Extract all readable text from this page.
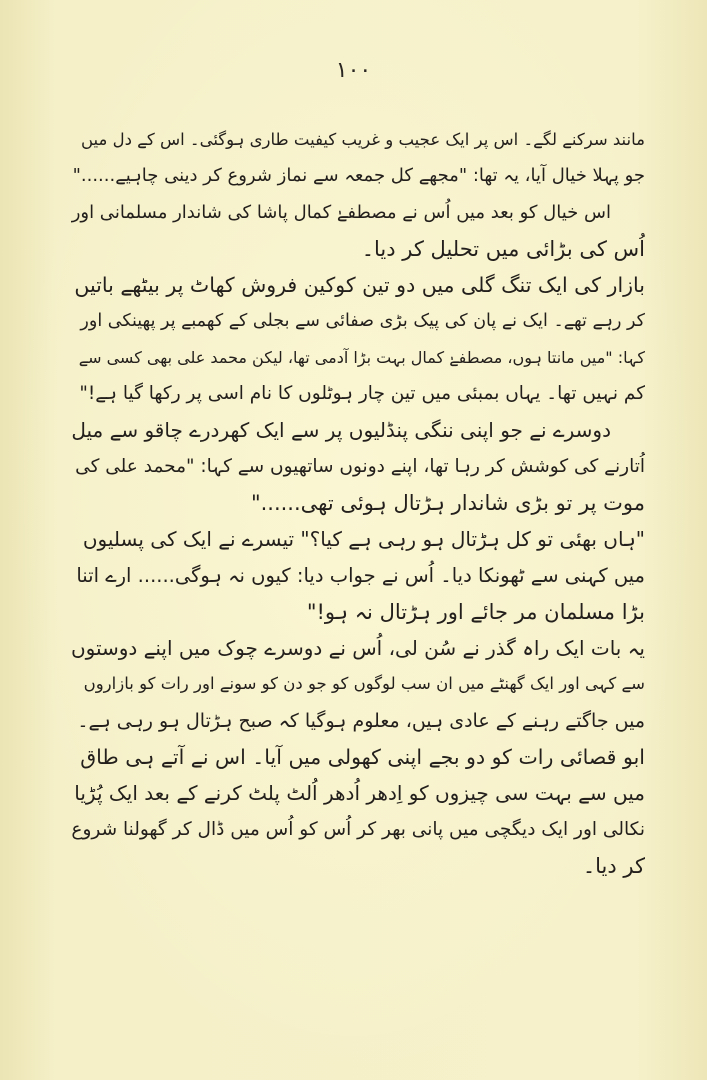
۱۰۰
مانند سرکنے لگے۔ اس پر ایک عجیب و غریب کیفیت طاری ہوگئی۔ اس کے دل میں
جو پہلا خیال آیا، یہ تھا: "مجھے کل جمعہ سے نماز شروع کر دینی چاہیے......"
اس خیال کو بعد میں اُس نے مصطفےٰ کمال پاشا کی شاندار مسلمانی اور
اُس کی بڑائی میں تحلیل کر دیا۔
بازار کی ایک تنگ گلی میں دو تین کوکین فروش کھاٹ پر بیٹھے باتیں
کر رہے تھے۔ ایک نے پان کی پیک بڑی صفائی سے بجلی کے کھمبے پر پھینکی اور
کہا: "میں مانتا ہوں، مصطفےٰ کمال بہت بڑا آدمی تھا، لیکن محمد علی بھی کسی سے
کم نہیں تھا۔ یہاں بمبئی میں تین چار ہوٹلوں کا نام اسی پر رکھا گیا ہے!"
دوسرے نے جو اپنی ننگی پنڈلیوں پر سے ایک کھردرے چاقو سے میل
اُتارنے کی کوشش کر رہا تھا، اپنے دونوں ساتھیوں سے کہا: "محمد علی کی
موت پر تو بڑی شاندار ہڑتال ہوئی تھی......"
"ہاں بھئی تو کل ہڑتال ہو رہی ہے کیا؟" تیسرے نے ایک کی پسلیوں
میں کہنی سے ٹھونکا دیا۔ اُس نے جواب دیا: کیوں نہ ہوگی...... ارے اتنا
بڑا مسلمان مر جائے اور ہڑتال نہ ہو!"
یہ بات ایک راہ گذر نے سُن لی، اُس نے دوسرے چوک میں اپنے دوستوں
سے کہی اور ایک گھنٹے میں ان سب لوگوں کو جو دن کو سونے اور رات کو بازاروں
میں جاگتے رہنے کے عادی ہیں، معلوم ہوگیا کہ صبح ہڑتال ہو رہی ہے۔
ابو قصائی رات کو دو بجے اپنی کھولی میں آیا۔ اس نے آتے ہی طاق
میں سے بہت سی چیزوں کو اِدھر اُدھر اُلٹ پلٹ کرنے کے بعد ایک پُڑیا
نکالی اور ایک دیگچی میں پانی بھر کر اُس کو اُس میں ڈال کر گھولنا شروع
کر دیا۔
